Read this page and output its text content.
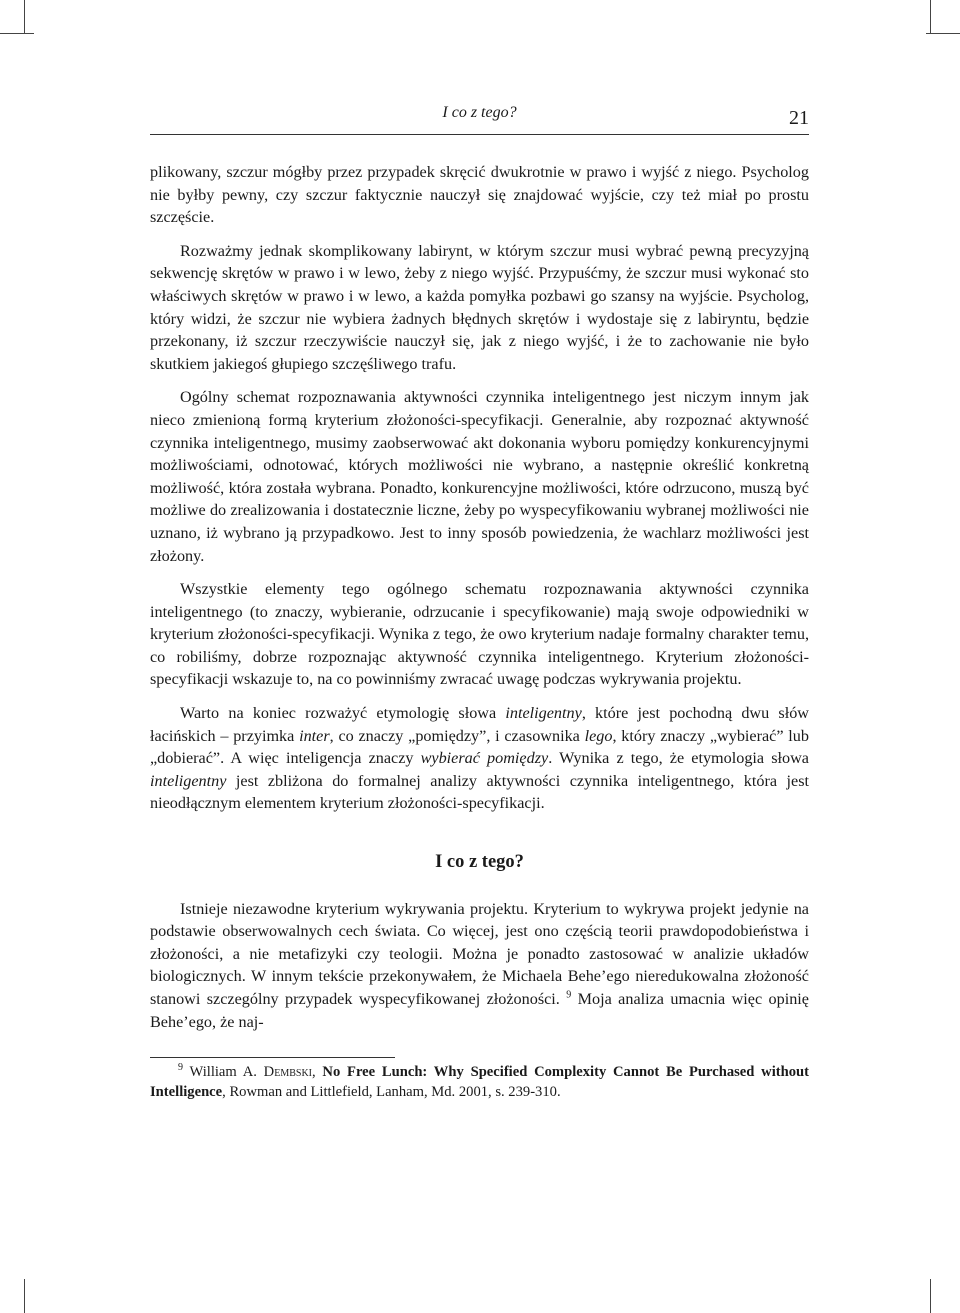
I co z tego?	21

plikowany, szczur mógłby przez przypadek skręcić dwukrotnie w prawo i wyjść z niego. Psycholog nie byłby pewny, czy szczur faktycznie nauczył się znajdować wyjście, czy też miał po prostu szczęście.

Rozważmy jednak skomplikowany labirynt, w którym szczur musi wybrać pewną precyzyjną sekwencję skrętów w prawo i w lewo, żeby z niego wyjść. Przypuśćmy, że szczur musi wykonać sto właściwych skrętów w prawo i w lewo, a każda pomyłka pozbawi go szansy na wyjście. Psycholog, który widzi, że szczur nie wybiera żadnych błędnych skrętów i wydostaje się z labiryntu, będzie przekonany, iż szczur rzeczywiście nauczył się, jak z niego wyjść, i że to zachowanie nie było skutkiem jakiegoś głupiego szczęśliwego trafu.

Ogólny schemat rozpoznawania aktywności czynnika inteligentnego jest niczym innym jak nieco zmienioną formą kryterium złożoności-specyfikacji. Generalnie, aby rozpoznać aktywność czynnika inteligentnego, musimy zaobserwować akt dokonania wyboru pomiędzy konkurencyjnymi możliwościami, odnotować, których możliwości nie wybrano, a następnie określić konkretną możliwość, która została wybrana. Ponadto, konkurencyjne możliwości, które odrzucono, muszą być możliwe do zrealizowania i dostatecznie liczne, żeby po wyspecyfikowaniu wybranej możliwości nie uznano, iż wybrano ją przypadkowo. Jest to inny sposób powiedzenia, że wachlarz możliwości jest złożony.

Wszystkie elementy tego ogólnego schematu rozpoznawania aktywności czynnika inteligentnego (to znaczy, wybieranie, odrzucanie i specyfikowanie) mają swoje odpowiedniki w kryterium złożoności-specyfikacji. Wynika z tego, że owo kryterium nadaje formalny charakter temu, co robiliśmy, dobrze rozpoznając aktywność czynnika inteligentnego. Kryterium złożoności-specyfikacji wskazuje to, na co powinniśmy zwracać uwagę podczas wykrywania projektu.

Warto na koniec rozważyć etymologię słowa inteligentny, które jest pochodną dwu słów łacińskich – przyimka inter, co znaczy „pomiędzy”, i czasownika lego, który znaczy „wybierać” lub „dobierać”. A więc inteligencja znaczy wybierać pomiędzy. Wynika z tego, że etymologia słowa inteligentny jest zbliżona do formalnej analizy aktywności czynnika inteligentnego, która jest nieodłącznym elementem kryterium złożoności-specyfikacji.

I co z tego?

Istnieje niezawodne kryterium wykrywania projektu. Kryterium to wykrywa projekt jedynie na podstawie obserwowalnych cech świata. Co więcej, jest ono częścią teorii prawdopodobieństwa i złożoności, a nie metafizyki czy teologii. Można je ponadto zastosować w analizie układów biologicznych. W innym tekście przekonywałem, że Michaela Behe’ego nieredukowalna złożoność stanowi szczególny przypadek wyspecyfikowanej złożoności. $^9$ Moja analiza umacnia więc opinię Behe’ego, że naj-

$^9$ William A. Dembski, No Free Lunch: Why Specified Complexity Cannot Be Purchased without Intelligence, Rowman and Littlefield, Lanham, Md. 2001, s. 239-310.
